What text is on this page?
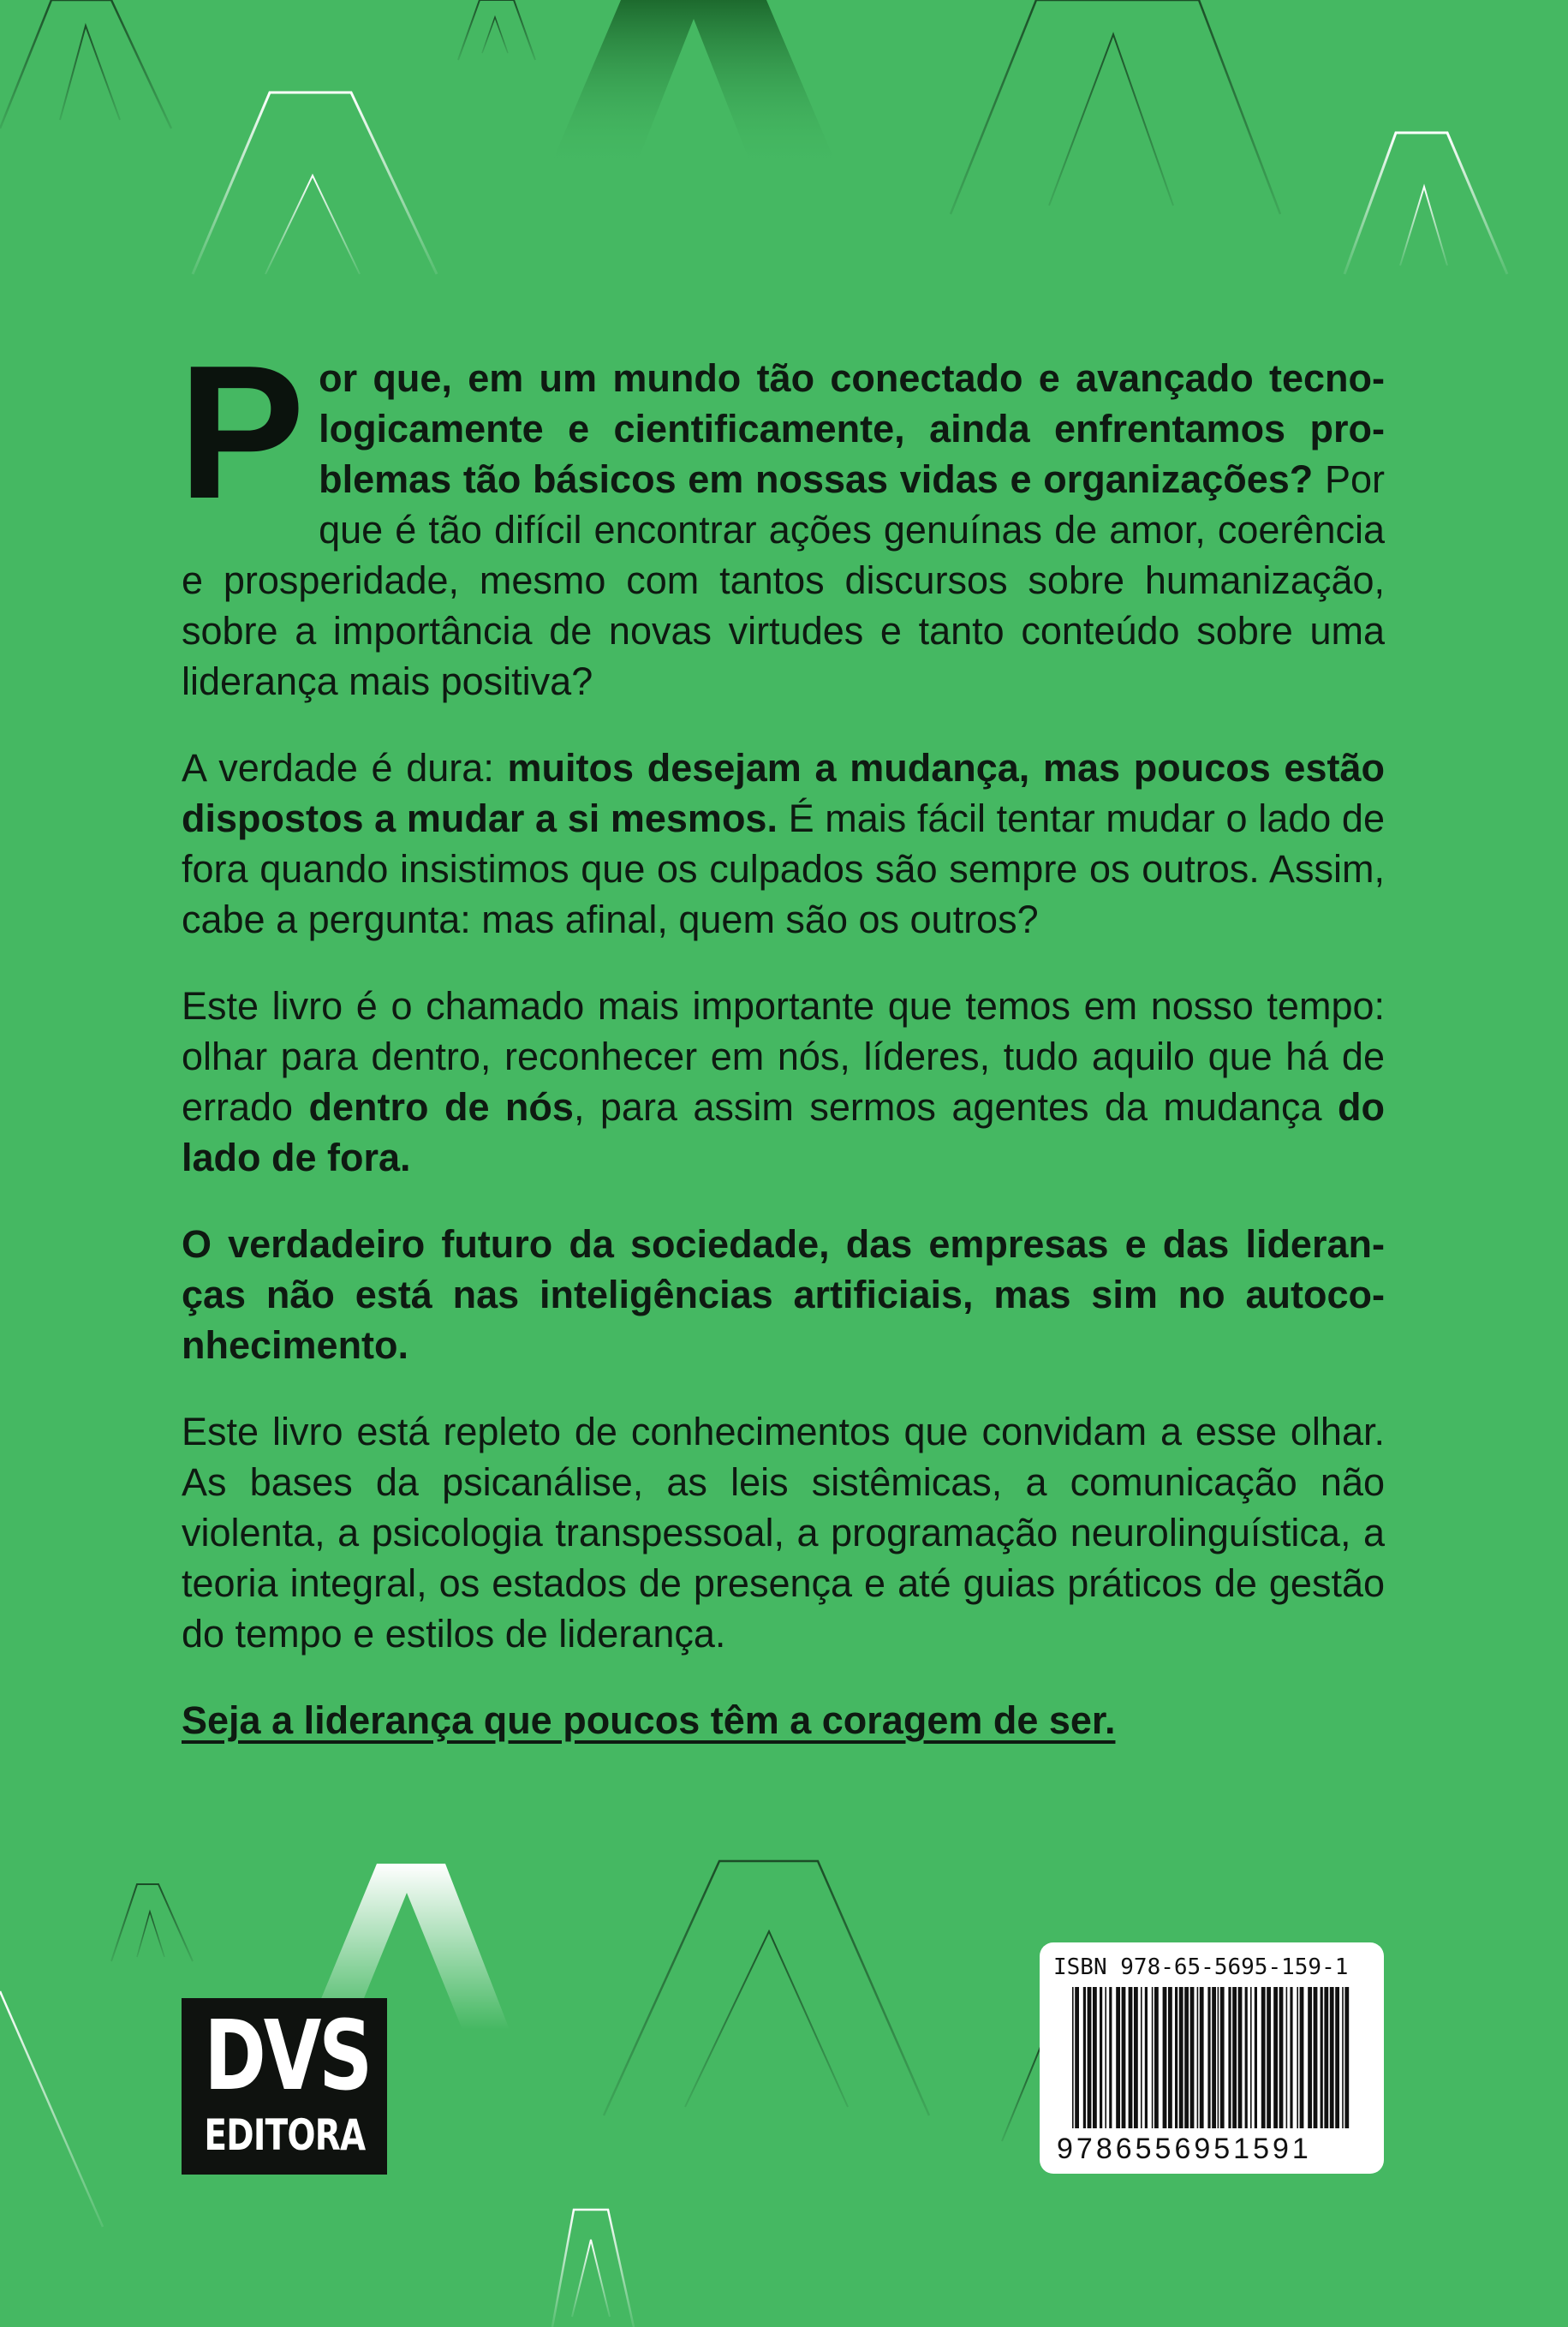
Por que, em um mundo tão conectado e avançado tecnologicamente e cientificamente, ainda enfrentamos problemas tão básicos em nossas vidas e organizações? Por que é tão difícil encontrar ações genuínas de amor, coerência e prosperidade, mesmo com tantos discursos sobre humanização, sobre a importância de novas virtudes e tanto conteúdo sobre uma liderança mais positiva?

A verdade é dura: muitos desejam a mudança, mas poucos estão dispostos a mudar a si mesmos. É mais fácil tentar mudar o lado de fora quando insistimos que os culpados são sempre os outros. Assim, cabe a pergunta: mas afinal, quem são os outros?

Este livro é o chamado mais importante que temos em nosso tempo: olhar para dentro, reconhecer em nós, líderes, tudo aquilo que há de errado dentro de nós, para assim sermos agentes da mudança do lado de fora.

O verdadeiro futuro da sociedade, das empresas e das lideranças não está nas inteligências artificiais, mas sim no autoconhecimento.

Este livro está repleto de conhecimentos que convidam a esse olhar. As bases da psicanálise, as leis sistêmicas, a comunicação não violenta, a psicologia transpessoal, a programação neurolinguística, a teoria integral, os estados de presença e até guias práticos de gestão do tempo e estilos de liderança.

Seja a liderança que poucos têm a coragem de ser.

DVS
EDITORA
ISBN 978-65-5695-159-1
9786556951591
